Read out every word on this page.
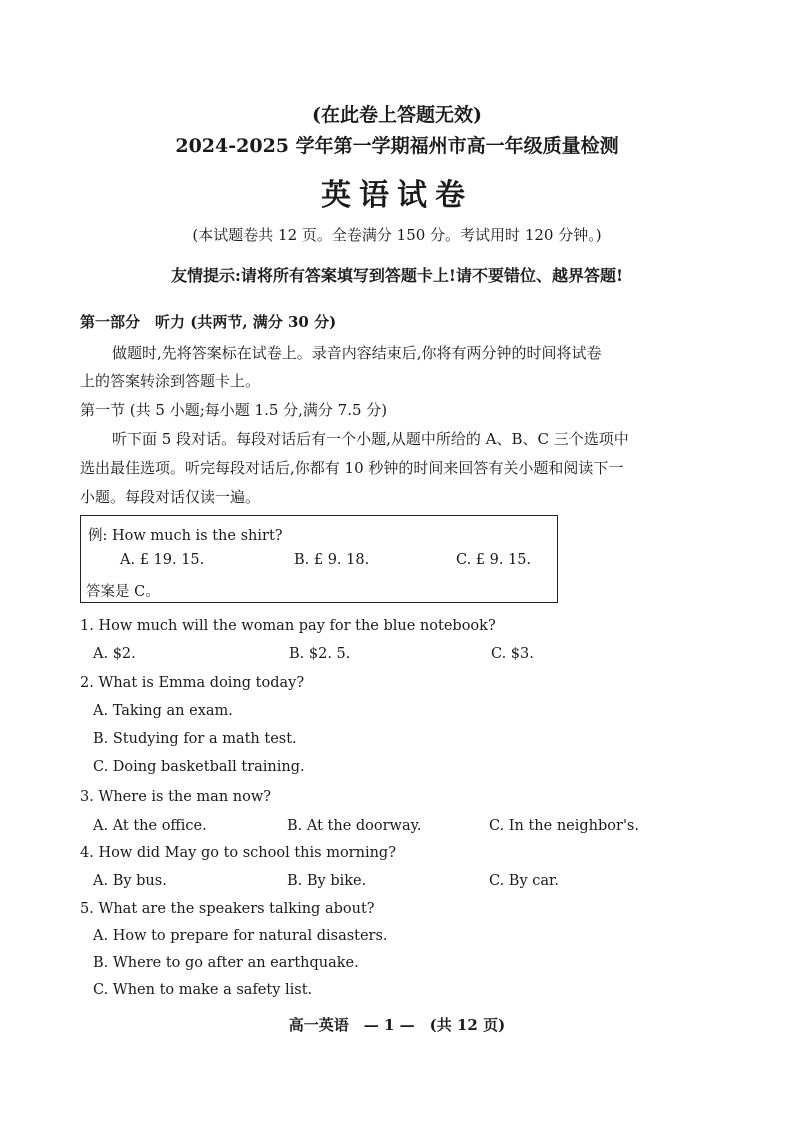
(在此卷上答题无效)
2024-2025 学年第一学期福州市高一年级质量检测
英语试卷
(本试题卷共 12 页。全卷满分 150 分。考试用时 120 分钟。)
友情提示:请将所有答案填写到答题卡上!请不要错位、越界答题!
第一部分　听力 (共两节, 满分 30 分)
做题时,先将答案标在试卷上。录音内容结束后,你将有两分钟的时间将试卷
上的答案转涂到答题卡上。
第一节 (共 5 小题;每小题 1.5 分,满分 7.5 分)
听下面 5 段对话。每段对话后有一个小题,从题中所给的 A、B、C 三个选项中
选出最佳选项。听完每段对话后,你都有 10 秒钟的时间来回答有关小题和阅读下一
小题。每段对话仅读一遍。
例: How much is the shirt?
A. £ 19. 15.	B. £ 9. 18.	C. £ 9. 15.
答案是 C。
1. How much will the woman pay for the blue notebook?
A. $2.	B. $2. 5.	C. $3.
2. What is Emma doing today?
A. Taking an exam.
B. Studying for a math test.
C. Doing basketball training.
3. Where is the man now?
A. At the office.	B. At the doorway.	C. In the neighbor's.
4. How did May go to school this morning?
A. By bus.	B. By bike.	C. By car.
5. What are the speakers talking about?
A. How to prepare for natural disasters.
B. Where to go after an earthquake.
C. When to make a safety list.
高一英语　— 1 —　(共 12 页)
